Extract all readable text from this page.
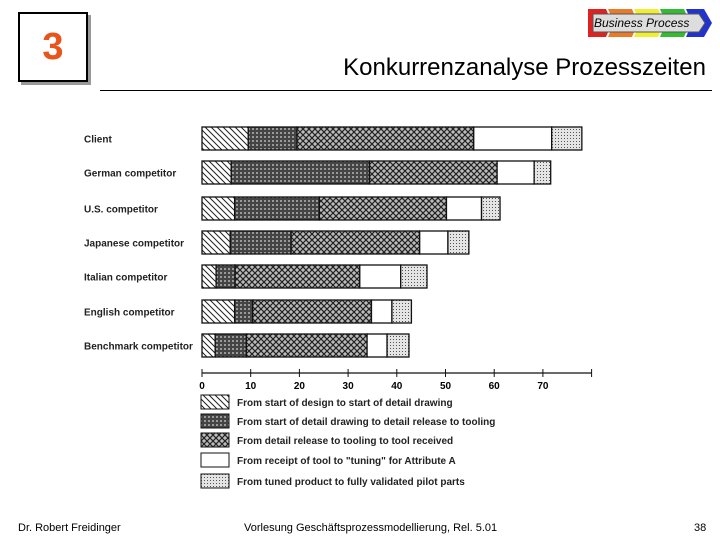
3
Business Process
Konkurrenzanalyse Prozesszeiten
Client
German competitor
U.S. competitor
Japanese competitor
Italian competitor
English competitor
Benchmark competitor
0	10	20	30	40	50	60	70
From start of design to start of detail drawing
From start of detail drawing to detail release to tooling
From detail release to tooling to tool received
From receipt of tool to "tuning" for Attribute A
From tuned product to fully validated pilot parts
Dr. Robert Freidinger	Vorlesung Geschäftsprozessmodellierung, Rel. 5.01	38
